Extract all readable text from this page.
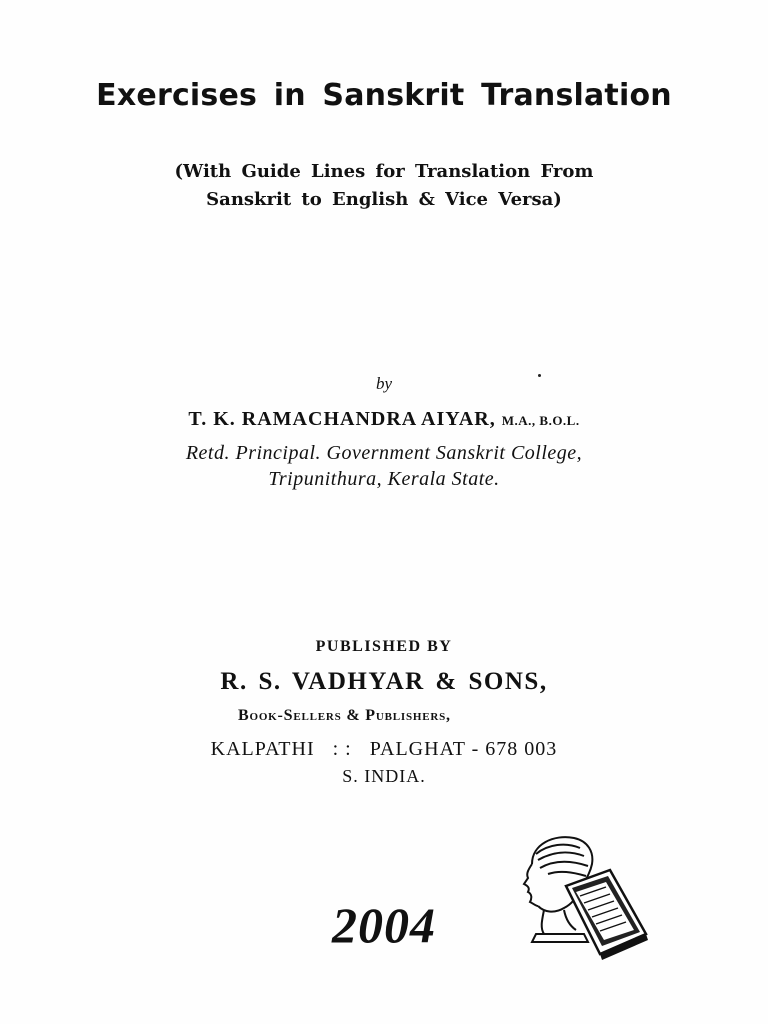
Exercises in Sanskrit Translation
(With Guide Lines for Translation From
Sanskrit to English & Vice Versa)
by
T. K. RAMACHANDRA AIYAR, M.A., B.O.L.
Retd. Principal. Government Sanskrit College,
Tripunithura, Kerala State.
PUBLISHED BY
R. S. VADHYAR & SONS,
Book-Sellers & Publishers,
KALPATHI : : PALGHAT - 678 003
S. INDIA.
2004
